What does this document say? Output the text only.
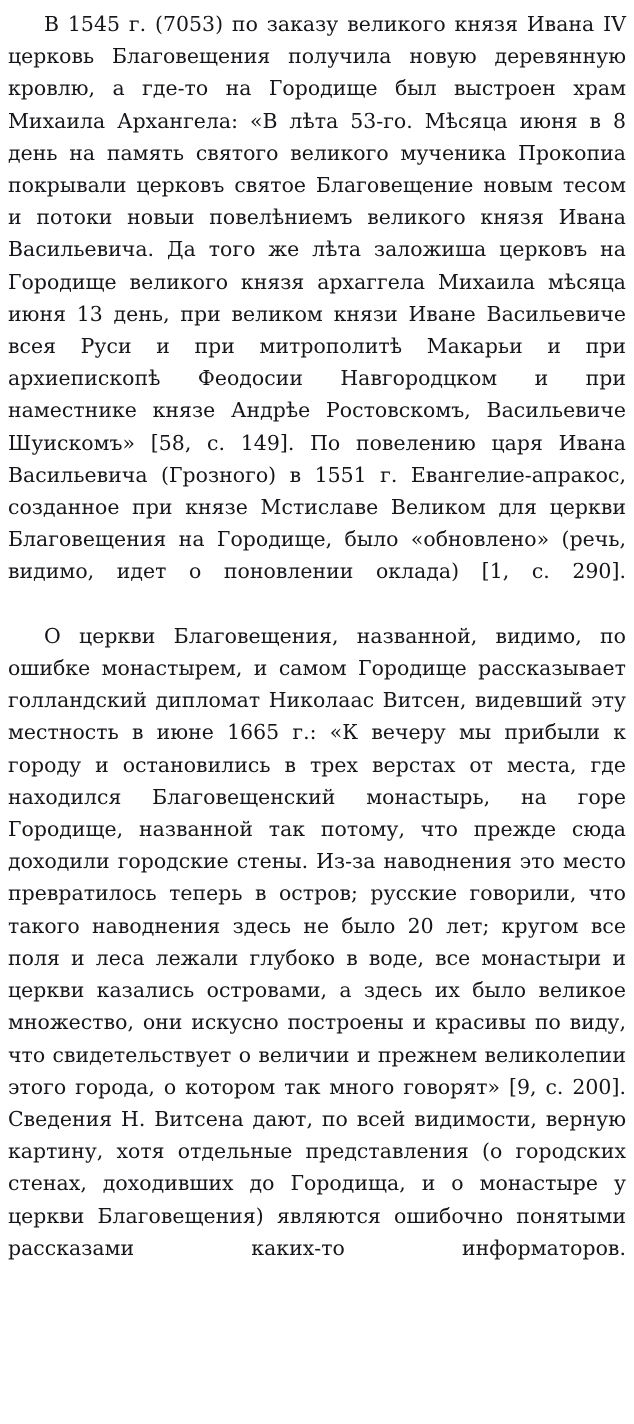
В 1545 г. (7053) по заказу великого князя Ивана IV церковь Благовещения получила новую деревянную кровлю, а где-то на Городище был выстроен храм Михаила Архангела: «В лѣта 53-го. Мѣсяца июня в 8 день на память святого великого мученика Прокопиа покрывали церковъ святое Благовещение новым тесом и потоки новыи повелѣниемъ великого князя Ивана Васильевича. Да того же лѣта заложиша церковъ на Городище великого князя архаггела Михаила мѣсяца июня 13 день, при великом князи Иване Васильевиче всея Руси и при митрополитѣ Макарьи и при архиепископѣ Феодосии Навгородцком и при наместнике князе Андрѣе Ростовскомъ, Васильевиче Шуискомъ» [58, с. 149]. По повелению царя Ивана Васильевича (Грозного) в 1551 г. Евангелие-апракос, созданное при князе Мстиславе Великом для церкви Благовещения на Городище, было «обновлено» (речь, видимо, идет о поновлении оклада) [1, с. 290].

О церкви Благовещения, названной, видимо, по ошибке монастырем, и самом Городище рассказывает голландский дипломат Николаас Витсен, видевший эту местность в июне 1665 г.: «К вечеру мы прибыли к городу и остановились в трех верстах от места, где находился Благовещенский монастырь, на горе Городище, названной так потому, что прежде сюда доходили городские стены. Из-за наводнения это место превратилось теперь в остров; русские говорили, что такого наводнения здесь не было 20 лет; кругом все поля и леса лежали глубоко в воде, все монастыри и церкви казались островами, а здесь их было великое множество, они искусно построены и красивы по виду, что свидетельствует о величии и прежнем великолепии этого города, о котором так много говорят» [9, с. 200]. Сведения Н. Витсена дают, по всей видимости, верную картину, хотя отдельные представления (о городских стенах, доходивших до Городища, и о монастыре у церкви Благовещения) являются ошибочно понятыми рассказами каких-то информаторов.
